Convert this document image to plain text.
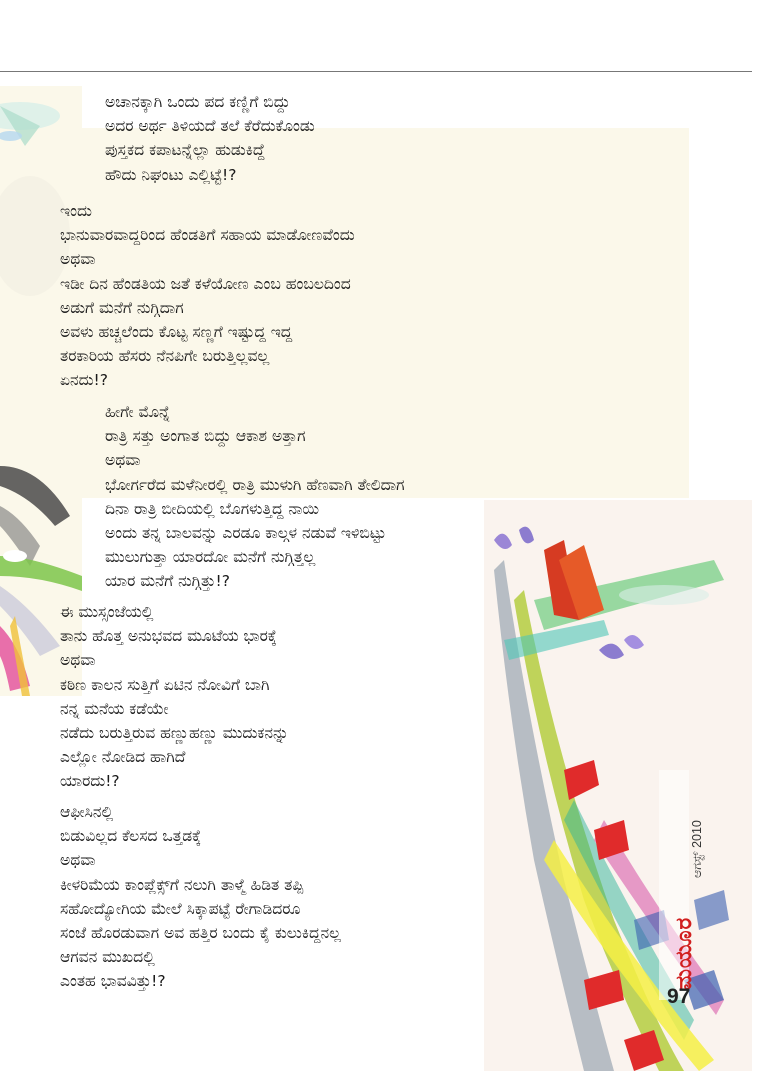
ಅಚಾನಕ್ಕಾಗಿ ಒಂದು ಪದ ಕಣ್ಣಿಗೆ ಬಿದ್ದು
ಅದರ ಅರ್ಥ ತಿಳಿಯದೆ ತಲೆ ಕೆರೆದುಕೊಂಡು
ಪುಸ್ತಕದ ಕಪಾಟನ್ನೆಲ್ಲಾ ಹುಡುಕಿದ್ದೆ
ಹೌದು ನಿಘಂಟು ಎಲ್ಲಿಟ್ಟೆ!?
ಇಂದು
ಭಾನುವಾರವಾದ್ದರಿಂದ ಹೆಂಡತಿಗೆ ಸಹಾಯ ಮಾಡೋಣವೆಂದು
ಅಥವಾ
ಇಡೀ ದಿನ ಹೆಂಡತಿಯ ಜತೆ ಕಳೆಯೋಣ ಎಂಬ ಹಂಬಲದಿಂದ
ಅಡುಗೆ ಮನೆಗೆ ನುಗ್ಗಿದಾಗ
ಅವಳು ಹಚ್ಚಲೆಂದು ಕೊಟ್ಟ ಸಣ್ಣಗೆ ಇಷ್ಟುದ್ದ ಇದ್ದ
ತರಕಾರಿಯ ಹೆಸರು ನೆನಪಿಗೇ ಬರುತ್ತಿಲ್ಲವಲ್ಲ
ಏನದು!?
ಹೀಗೇ ಮೊನ್ನೆ
ರಾತ್ರಿ ಸತ್ತು ಅಂಗಾತ ಬಿದ್ದು ಆಕಾಶ ಅತ್ತಾಗ
ಅಥವಾ
ಭೋರ್ಗರೆದ ಮಳೆನೀರಲ್ಲಿ ರಾತ್ರಿ ಮುಳುಗಿ ಹೆಣವಾಗಿ ತೇಲಿದಾಗ
ದಿನಾ ರಾತ್ರಿ ಬೀದಿಯಲ್ಲಿ ಬೊಗಳುತ್ತಿದ್ದ ನಾಯಿ
ಅಂದು ತನ್ನ ಬಾಲವನ್ನು ಎರಡೂ ಕಾಲ್ಗಳ ನಡುವೆ ಇಳಿಬಿಟ್ಟು
ಮುಲುಗುತ್ತಾ ಯಾರದೋ ಮನೆಗೆ ನುಗ್ಗಿತ್ತಲ್ಲ
ಯಾರ ಮನೆಗೆ ನುಗ್ಗಿತ್ತು!?
ಈ ಮುಸ್ಸಂಜೆಯಲ್ಲಿ
ತಾನು ಹೊತ್ತ ಅನುಭವದ ಮೂಟೆಯ ಭಾರಕ್ಕೆ
ಅಥವಾ
ಕಠಿಣ ಕಾಲನ ಸುತ್ತಿಗೆ ಏಟಿನ ನೋವಿಗೆ ಬಾಗಿ
ನನ್ನ ಮನೆಯ ಕಡೆಯೇ
ನಡೆದು ಬರುತ್ತಿರುವ ಹಣ್ಣುಹಣ್ಣು ಮುದುಕನನ್ನು
ಎಲ್ಲೋ ನೋಡಿದ ಹಾಗಿದೆ
ಯಾರದು!?
ಆಫೀಸಿನಲ್ಲಿ
ಬಿಡುವಿಲ್ಲದ ಕೆಲಸದ ಒತ್ತಡಕ್ಕೆ
ಅಥವಾ
ಕೀಳರಿಮೆಯ ಕಾಂಪ್ಲೆಕ್ಸ್‌ಗೆ ನಲುಗಿ ತಾಳ್ಮೆ ಹಿಡಿತ ತಪ್ಪಿ
ಸಹೋದ್ಯೋಗಿಯ ಮೇಲೆ ಸಿಕ್ಕಾಪಟ್ಟೆ ರೇಗಾಡಿದರೂ
ಸಂಜೆ ಹೊರಡುವಾಗ ಅವ ಹತ್ತಿರ ಬಂದು ಕೈ ಕುಲುಕಿದ್ದನಲ್ಲ
ಆಗವನ ಮುಖದಲ್ಲಿ
ಎಂತಹ ಭಾವವಿತ್ತು!?	ಮಯೂರ
ಆಗಸ್ಟ್ 2010
97
